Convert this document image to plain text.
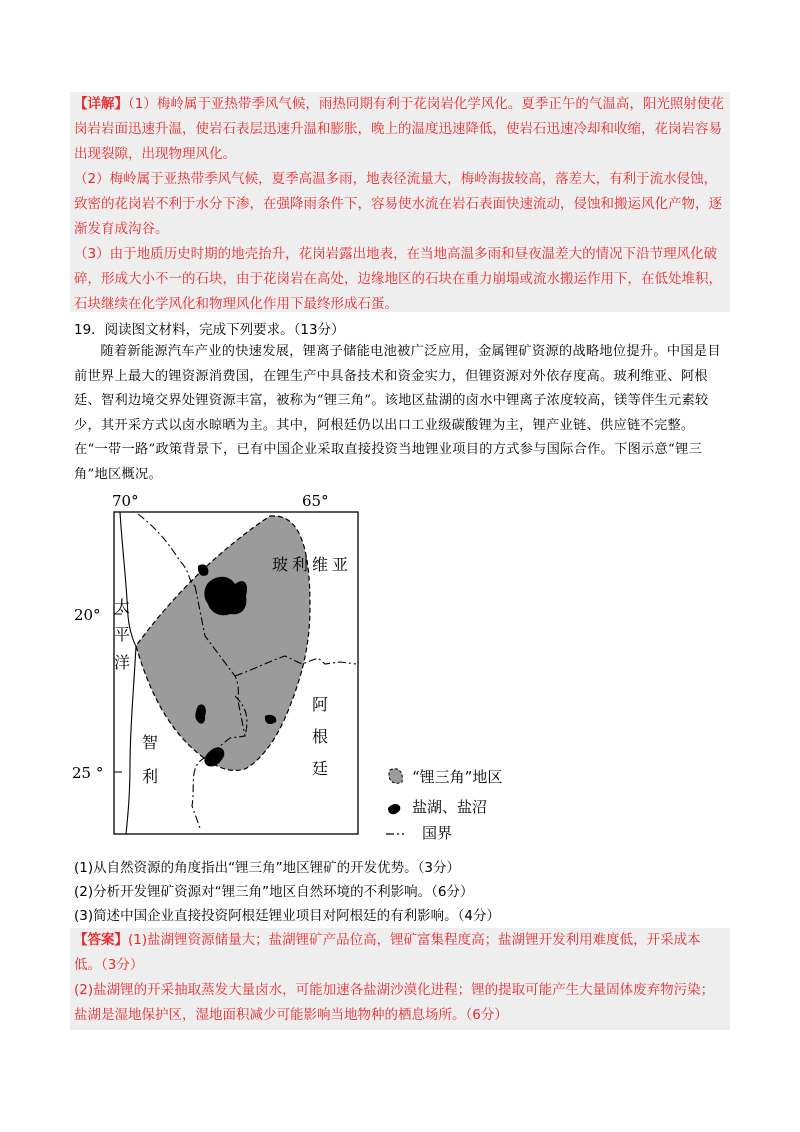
【详解】（1）梅岭属于亚热带季风气候，雨热同期有利于花岗岩化学风化。夏季正午的气温高，阳光照射使花岗岩岩面迅速升温，使岩石表层迅速升温和膨胀，晚上的温度迅速降低，使岩石迅速冷却和收缩，花岗岩容易出现裂隙，出现物理风化。

（2）梅岭属于亚热带季风气候，夏季高温多雨，地表径流量大，梅岭海拔较高，落差大，有利于流水侵蚀，致密的花岗岩不利于水分下渗，在强降雨条件下，容易使水流在岩石表面快速流动，侵蚀和搬运风化产物，逐渐发育成沟谷。

（3）由于地质历史时期的地壳抬升，花岗岩露出地表，在当地高温多雨和昼夜温差大的情况下沿节理风化破碎，形成大小不一的石块，由于花岗岩在高处，边缘地区的石块在重力崩塌或流水搬运作用下，在低处堆积，石块继续在化学风化和物理风化作用下最终形成石蛋。

19．阅读图文材料，完成下列要求。（13分）
随着新能源汽车产业的快速发展，锂离子储能电池被广泛应用，金属锂矿资源的战略地位提升。中国是目前世界上最大的锂资源消费国，在锂生产中具备技术和资金实力，但锂资源对外依存度高。玻利维亚、阿根廷、智利边境交界处锂资源丰富，被称为“锂三角”。该地区盐湖的卤水中锂离子浓度较高，镁等伴生元素较少，其开采方式以卤水晾晒为主。其中，阿根廷仍以出口工业级碳酸锂为主，锂产业链、供应链不完整。在“一带一路”政策背景下，已有中国企业采取直接投资当地锂业项目的方式参与国际合作。下图示意“锂三角”地区概况。
70°	65°
20°
25 °
玻利维亚
太
平
洋
智
利
阿
根
廷	“锂三角”地区
盐湖、盐沼
国界
(1)从自然资源的角度指出“锂三角”地区锂矿的开发优势。（3分）
(2)分析开发锂矿资源对“锂三角”地区自然环境的不利影响。（6分）
(3)简述中国企业直接投资阿根廷锂业项目对阿根廷的有利影响。（4分）

【答案】(1)盐湖锂资源储量大；盐湖锂矿产品位高，锂矿富集程度高；盐湖锂开发利用难度低，开采成本低。（3分）

(2)盐湖锂的开采抽取蒸发大量卤水，可能加速各盐湖沙漠化进程；锂的提取可能产生大量固体废弃物污染；盐湖是湿地保护区，湿地面积减少可能影响当地物种的栖息场所。（6分）
